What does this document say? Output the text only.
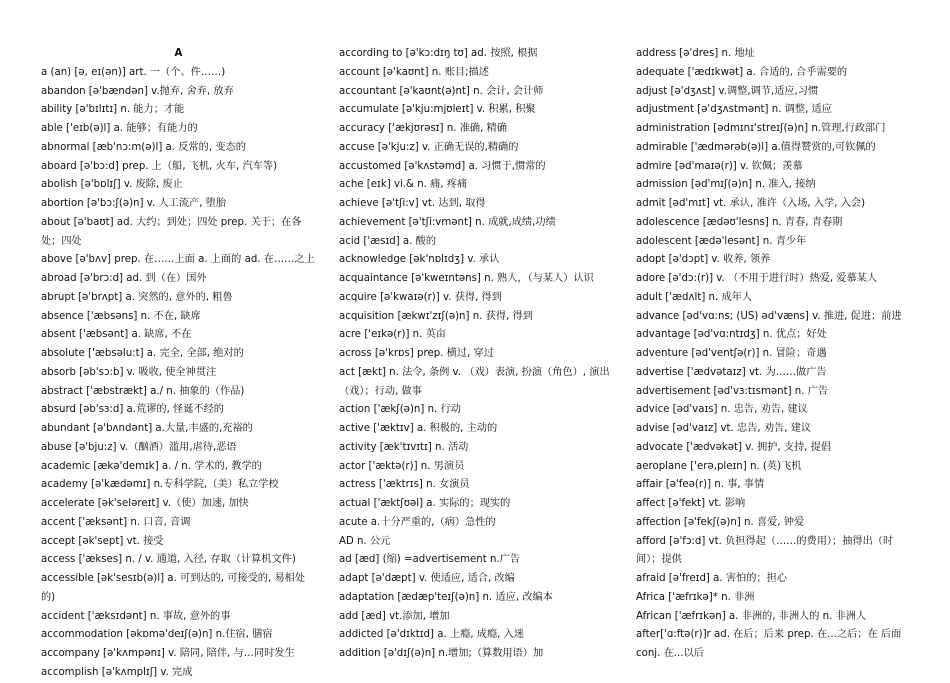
A
a (an) [ə, eɪ(ən)] art. 一（个、件……)
abandon [ə'bændən] v.抛弃, 舍弃, 放弃
ability [ə'bɪlɪtɪ] n. 能力；才能
able ['eɪb(ə)l] a. 能够；有能力的
abnormal [æb'nɔ:m(ə)l] a. 反常的, 变态的
aboard [ə'bɔ:d] prep. 上（船, 飞机, 火车, 汽车等)
abolish [ə'bɒlɪʃ] v. 废除, 废止
abortion [ə'bɔ:ʃ(ə)n] v. 人工流产, 堕胎
about [ə'baʊt] ad. 大约；到处；四处 prep. 关于；在各处；四处
above [ə'bʌv] prep. 在……上面 a. 上面的 ad. 在……之上
abroad [ə'brɔ:d] ad. 到（在）国外
abrupt [ə'brʌpt] a. 突然的, 意外的, 粗鲁
absence ['æbsəns] n. 不在, 缺席
absent ['æbsənt] a. 缺席, 不在
absolute ['æbsəlu:t] a. 完全, 全部, 绝对的
absorb [əb'sɔ:b] v. 吸收, 使全神贯注
abstract ['æbstrækt] a./ n. 抽象的（作品)
absurd [əb'sɜ:d] a.荒谬的, 怪诞不经的
abundant [ə'bʌndənt] a.大量,丰盛的,充裕的
abuse [ə'bju:z] v.（酗酒）滥用,虐待,恶语
academic [ækə'demɪk] a. / n. 学术的, 教学的
academy [ə'kædəmɪ] n.专科学院,（美）私立学校
accelerate [ək'seləreɪt] v.（使）加速, 加快
accent ['æksənt] n. 口音, 音调
accept [ək'sept] vt. 接受
access ['ækses] n. / v. 通道, 入径, 存取（计算机文件)
accessible [ək'sesɪb(ə)l] a. 可到达的, 可接受的, 易相处的)
accident ['æksɪdənt] n. 事故, 意外的事
accommodation [əkɒmə'deɪʃ(ə)n] n.住宿, 膳宿
accompany [ə'kʌmpənɪ] v. 陪同, 陪伴, 与…同时发生
accomplish [ə'kʌmplɪʃ] v. 完成
according to [ə'kɔ:dɪŋ tʊ] ad. 按照, 根据
account [ə'kaʊnt] n. 账目;描述
accountant [ə'kaʊnt(ə)nt] n. 会计, 会计师
accumulate [ə'kju:mjʊleɪt] v. 积累, 积聚
accuracy ['ækjʊrəsɪ] n. 准确, 精确
accuse [ə'kju:z] v. 正确无误的,精确的
accustomed [ə'kʌstəmd] a. 习惯于,惯常的
ache [eɪk] vi.& n. 痛, 疼痛
achieve [ə'tʃi:v] vt. 达到, 取得
achievement [ə'tʃi:vmənt] n. 成就,成绩,功绩
acid ['æsɪd] a. 酸的
acknowledge [ək'nɒlɪdʒ] v. 承认
acquaintance [ə'kweɪntəns] n. 熟人，（与某人）认识
acquire [ə'kwaɪə(r)] v. 获得, 得到
acquisition [ækwɪ'zɪʃ(ə)n] n. 获得, 得到
acre ['eɪkə(r)] n. 英亩
across [ə'krɒs] prep. 横过, 穿过
act [ækt] n. 法令, 条例 v. （戏）表演, 扮演（角色）, 演出（戏）；行动, 做事
action ['ækʃ(ə)n] n. 行动
active ['æktɪv] a. 积极的, 主动的
activity [æk'tɪvɪtɪ] n. 活动
actor ['æktə(r)] n. 男演员
actress ['æktrɪs] n. 女演员
actual ['æktʃʊəl] a. 实际的；现实的
acute a.十分严重的,（病）急性的
AD n. 公元
ad [æd] (缩) =advertisement n.广告
adapt [ə'dæpt] v. 使适应, 适合, 改编
adaptation [ædæp'teɪʃ(ə)n] n. 适应, 改编本
add [æd] vt.添加, 增加
addicted [ə'dɪktɪd] a. 上瘾, 成瘾, 入迷
addition [ə'dɪʃ(ə)n] n.增加;（算数用语）加
address [ə'dres] n. 地址
adequate ['ædɪkwət] a. 合适的, 合乎需要的
adjust [ə'dʒʌst] v.调整,调节,适应,习惯
adjustment [ə'dʒʌstmənt] n. 调整, 适应
administration [ədmɪnɪ'streɪʃ(ə)n] n.管理,行政部门
admirable ['ædmərəb(ə)l] a.值得赞赏的,可钦佩的
admire [əd'maɪə(r)] v. 钦佩；羡慕
admission [əd'mɪʃ(ə)n] n. 准入, 接纳
admit [əd'mɪt] vt. 承认, 准许（入场, 入学, 入会)
adolescence [ædəʊ'lesns] n. 青春, 青春期
adolescent [ædə'lesənt] n. 青少年
adopt [ə'dɔpt] v. 收养, 领养
adore [ə'dɔ:(r)] v. （不用于进行时）热爱, 爱慕某人
adult ['ædʌlt] n. 成年人
advance [əd'vɑ:ns; (US) əd'væns] v. 推进, 促进；前进
advantage [əd'vɑ:ntɪdʒ] n. 优点；好处
adventure [əd'ventʃə(r)] n. 冒险；奇遇
advertise ['ædvətaɪz] vt. 为……做广告
advertisement [əd'vɜ:tɪsmənt] n. 广告
advice [əd'vaɪs] n. 忠告, 劝告, 建议
advise [əd'vaɪz] vt. 忠告, 劝告, 建议
advocate ['ædvəkət] v. 拥护, 支持, 提倡
aeroplane ['erə,pleɪn] n. (英)飞机
affair [ə'feə(r)] n. 事, 事情
affect [ə'fekt] vt. 影响
affection [ə'fekʃ(ə)n] n. 喜爱, 钟爱
afford [ə'fɔ:d] vt. 负担得起（……的费用）；抽得出（时间）；提供
afraid [ə'freɪd] a. 害怕的；担心
Africa ['æfrɪkə]* n. 非洲
African ['æfrɪkən] a. 非洲的, 非洲人的 n. 非洲人
after['ɑ:ftə(r)]r ad. 在后；后来 prep. 在...之后；在 后面 conj. 在...以后
